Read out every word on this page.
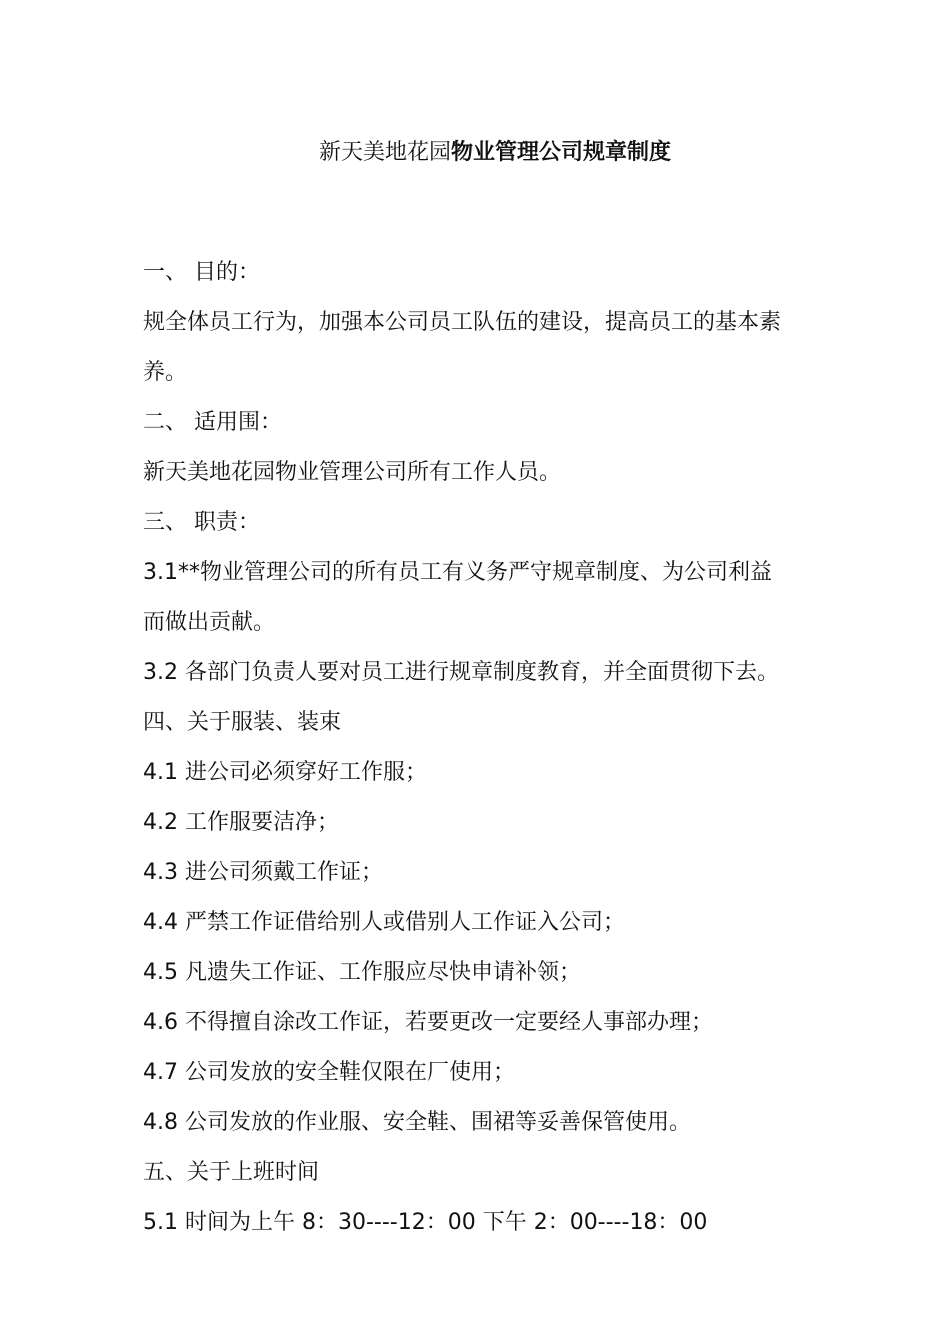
新天美地花园物业管理公司规章制度
一、 目的：
规全体员工行为，加强本公司员工队伍的建设，提高员工的基本素
养。
二、 适用围：
新天美地花园物业管理公司所有工作人员。
三、 职责：
3.1**物业管理公司的所有员工有义务严守规章制度、为公司利益
而做出贡献。
3.2 各部门负责人要对员工进行规章制度教育，并全面贯彻下去。
四、关于服装、装束
4.1 进公司必须穿好工作服；
4.2 工作服要洁净；
4.3 进公司须戴工作证；
4.4 严禁工作证借给别人或借别人工作证入公司；
4.5 凡遗失工作证、工作服应尽快申请补领；
4.6 不得擅自涂改工作证，若要更改一定要经人事部办理；
4.7 公司发放的安全鞋仅限在厂使用；
4.8 公司发放的作业服、安全鞋、围裙等妥善保管使用。
五、关于上班时间
5.1 时间为上午 8：30----12：00 下午 2：00----18：00
